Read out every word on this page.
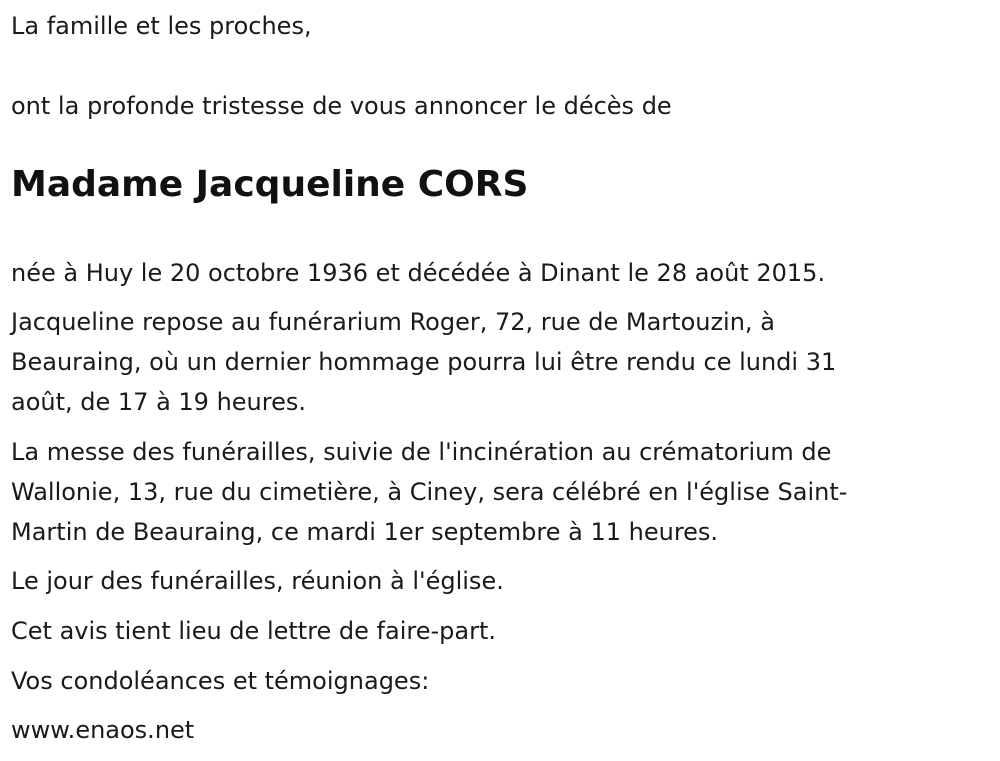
La famille et les proches,

ont la profonde tristesse de vous annoncer le décès de

Madame Jacqueline CORS

née à Huy le 20 octobre 1936 et décédée à Dinant le 28 août 2015.

Jacqueline repose au funérarium Roger, 72, rue de Martouzin, à
Beauraing, où un dernier hommage pourra lui être rendu ce lundi 31
août, de 17 à 19 heures.
La messe des funérailles, suivie de l'incinération au crématorium de
Wallonie, 13, rue du cimetière, à Ciney, sera célébré en l'église Saint-
Martin de Beauraing, ce mardi 1er septembre à 11 heures.

Le jour des funérailles, réunion à l'église.

Cet avis tient lieu de lettre de faire-part.

Vos condoléances et témoignages:

www.enaos.net
